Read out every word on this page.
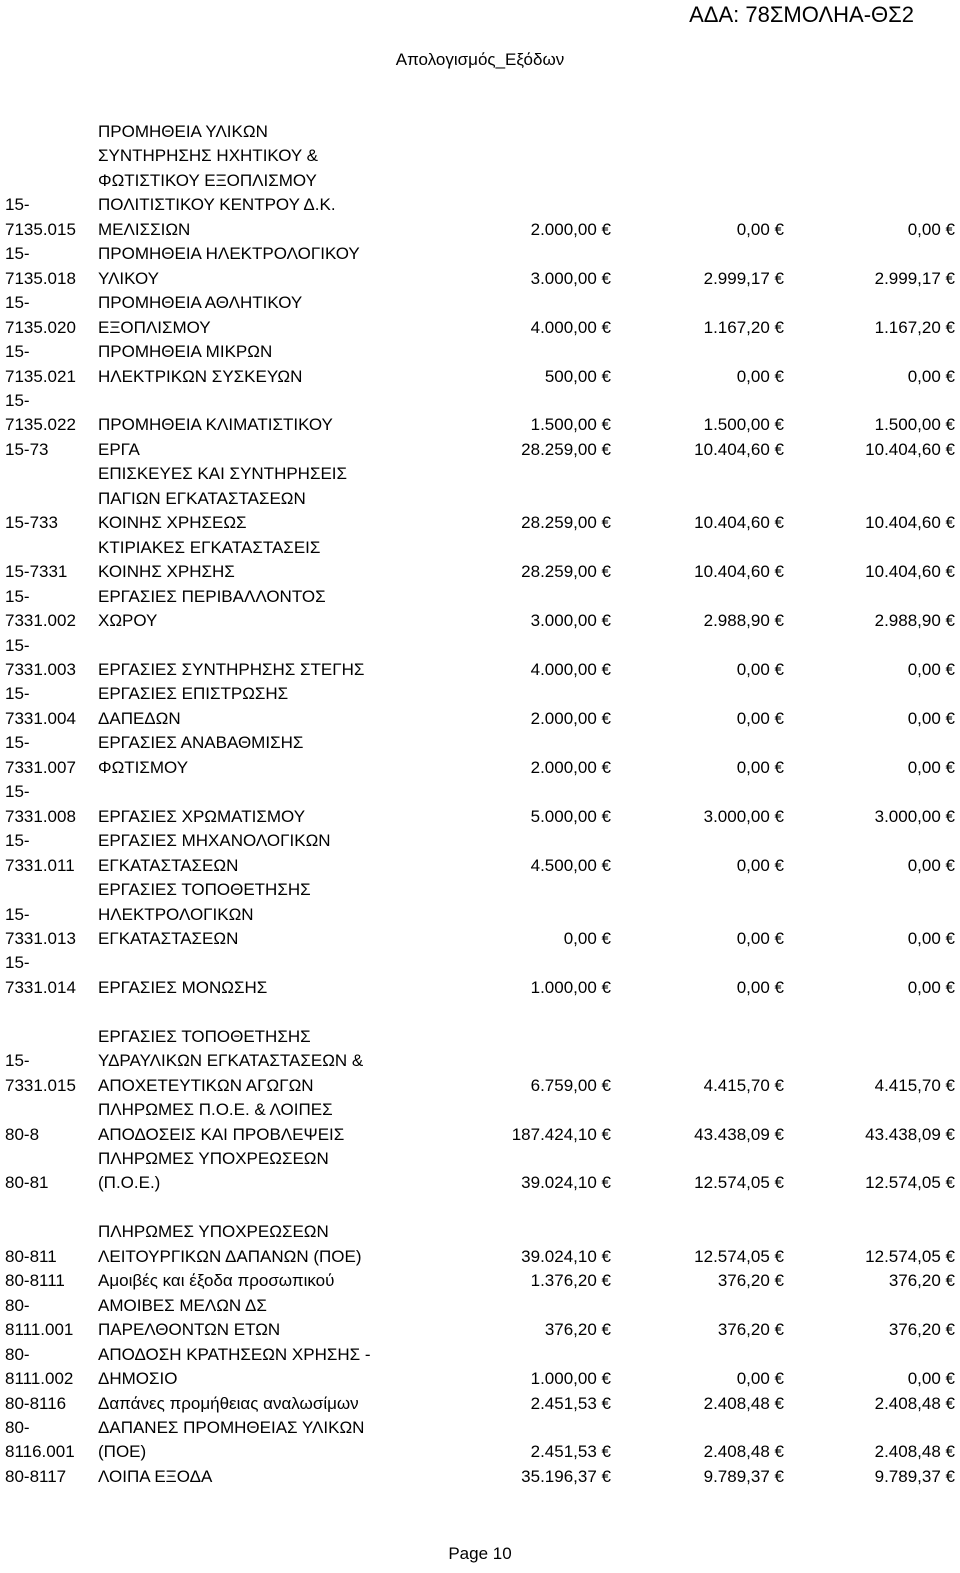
ΑΔΑ: 78ΣΜΟΛΗΑ-ΘΣ2
Απολογισμός_Εξόδων

15-
7135.015	ΠΡΟΜΗΘΕΙΑ ΥΛΙΚΩΝ
ΣΥΝΤΗΡΗΣΗΣ ΗΧΗΤΙΚΟΥ &
ΦΩΤΙΣΤΙΚΟΥ ΕΞΟΠΛΙΣΜΟΥ
ΠΟΛΙΤΙΣΤΙΚΟΥ ΚΕΝΤΡΟΥ Δ.Κ.
ΜΕΛΙΣΣΙΩΝ	2.000,00 €	0,00 €	0,00 €
15-
7135.018	ΠΡΟΜΗΘΕΙΑ ΗΛΕΚΤΡΟΛΟΓΙΚΟΥ
ΥΛΙΚΟΥ	3.000,00 €	2.999,17 €	2.999,17 €
15-
7135.020	ΠΡΟΜΗΘΕΙΑ ΑΘΛΗΤΙΚΟΥ
ΕΞΟΠΛΙΣΜΟΥ	4.000,00 €	1.167,20 €	1.167,20 €
15-
7135.021	ΠΡΟΜΗΘΕΙΑ ΜΙΚΡΩΝ
ΗΛΕΚΤΡΙΚΩΝ ΣΥΣΚΕΥΩΝ	500,00 €	0,00 €	0,00 €
15-
7135.022	ΠΡΟΜΗΘΕΙΑ ΚΛΙΜΑΤΙΣΤΙΚΟΥ	1.500,00 €	1.500,00 €	1.500,00 €
15-73	ΕΡΓΑ	28.259,00 €	10.404,60 €	10.404,60 €
15-733	ΕΠΙΣΚΕΥΕΣ ΚΑΙ ΣΥΝΤΗΡΗΣΕΙΣ
ΠΑΓΙΩΝ ΕΓΚΑΤΑΣΤΑΣΕΩΝ
ΚΟΙΝΗΣ ΧΡΗΣΕΩΣ	28.259,00 €	10.404,60 €	10.404,60 €
15-7331	ΚΤΙΡΙΑΚΕΣ ΕΓΚΑΤΑΣΤΑΣΕΙΣ
ΚΟΙΝΗΣ ΧΡΗΣΗΣ	28.259,00 €	10.404,60 €	10.404,60 €
15-
7331.002	ΕΡΓΑΣΙΕΣ ΠΕΡΙΒΑΛΛΟΝΤΟΣ
ΧΩΡΟΥ	3.000,00 €	2.988,90 €	2.988,90 €
15-
7331.003	ΕΡΓΑΣΙΕΣ ΣΥΝΤΗΡΗΣΗΣ ΣΤΕΓΗΣ	4.000,00 €	0,00 €	0,00 €
15-
7331.004	ΕΡΓΑΣΙΕΣ ΕΠΙΣΤΡΩΣΗΣ
ΔΑΠΕΔΩΝ	2.000,00 €	0,00 €	0,00 €
15-
7331.007	ΕΡΓΑΣΙΕΣ ΑΝΑΒΑΘΜΙΣΗΣ
ΦΩΤΙΣΜΟΥ	2.000,00 €	0,00 €	0,00 €
15-
7331.008	ΕΡΓΑΣΙΕΣ ΧΡΩΜΑΤΙΣΜΟΥ	5.000,00 €	3.000,00 €	3.000,00 €
15-
7331.011	ΕΡΓΑΣΙΕΣ ΜΗΧΑΝΟΛΟΓΙΚΩΝ
ΕΓΚΑΤΑΣΤΑΣΕΩΝ	4.500,00 €	0,00 €	0,00 €

15-
7331.013	ΕΡΓΑΣΙΕΣ ΤΟΠΟΘΕΤΗΣΗΣ
ΗΛΕΚΤΡΟΛΟΓΙΚΩΝ
ΕΓΚΑΤΑΣΤΑΣΕΩΝ	0,00 €	0,00 €	0,00 €
15-
7331.014	ΕΡΓΑΣΙΕΣ ΜΟΝΩΣΗΣ	1.000,00 €	0,00 €	0,00 €

15-
7331.015	ΕΡΓΑΣΙΕΣ ΤΟΠΟΘΕΤΗΣΗΣ
ΥΔΡΑΥΛΙΚΩΝ ΕΓΚΑΤΑΣΤΑΣΕΩΝ &
ΑΠΟΧΕΤΕΥΤΙΚΩΝ ΑΓΩΓΩΝ	6.759,00 €	4.415,70 €	4.415,70 €
80-8	ΠΛΗΡΩΜΕΣ Π.Ο.Ε. & ΛΟΙΠΕΣ
ΑΠΟΔΟΣΕΙΣ ΚΑΙ ΠΡΟΒΛΕΨΕΙΣ	187.424,10 €	43.438,09 €	43.438,09 €
80-81	ΠΛΗΡΩΜΕΣ ΥΠΟΧΡΕΩΣΕΩΝ
(Π.Ο.Ε.)	39.024,10 €	12.574,05 €	12.574,05 €

80-811	ΠΛΗΡΩΜΕΣ ΥΠΟΧΡΕΩΣΕΩΝ
ΛΕΙΤΟΥΡΓΙΚΩΝ ΔΑΠΑΝΩΝ (ΠΟΕ)	39.024,10 €	12.574,05 €	12.574,05 €
80-8111	Αμοιβές και έξοδα προσωπικού	1.376,20 €	376,20 €	376,20 €
80-
8111.001	ΑΜΟΙΒΕΣ ΜΕΛΩΝ ΔΣ
ΠΑΡΕΛΘΟΝΤΩΝ ΕΤΩΝ	376,20 €	376,20 €	376,20 €
80-
8111.002	ΑΠΟΔΟΣΗ ΚΡΑΤΗΣΕΩΝ ΧΡΗΣΗΣ -
ΔΗΜΟΣΙΟ	1.000,00 €	0,00 €	0,00 €
80-8116	Δαπάνες προμήθειας αναλωσίμων	2.451,53 €	2.408,48 €	2.408,48 €
80-
8116.001	ΔΑΠΑΝΕΣ ΠΡΟΜΗΘΕΙΑΣ ΥΛΙΚΩΝ
(ΠΟΕ)	2.451,53 €	2.408,48 €	2.408,48 €
80-8117	ΛΟΙΠΑ ΕΞΟΔΑ	35.196,37 €	9.789,37 €	9.789,37 €
Page 10
